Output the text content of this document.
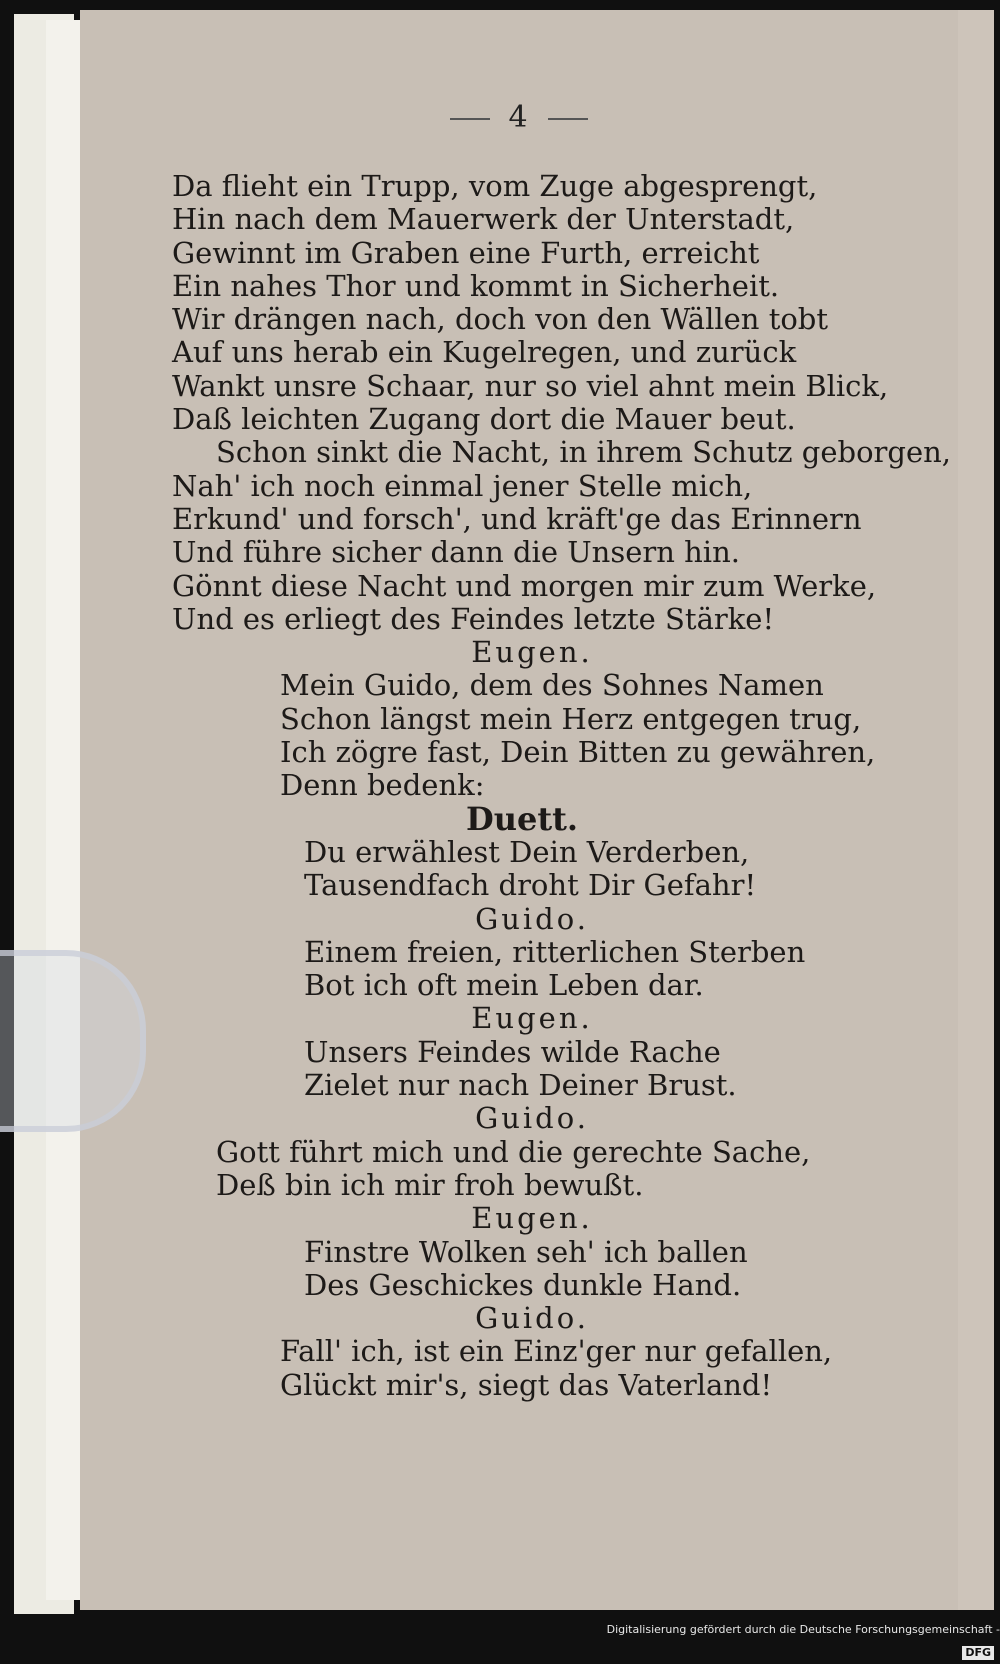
4
Da flieht ein Trupp, vom Zuge abgesprengt,
Hin nach dem Mauerwerk der Unterstadt,
Gewinnt im Graben eine Furth, erreicht
Ein nahes Thor und kommt in Sicherheit.
Wir drängen nach, doch von den Wällen tobt
Auf uns herab ein Kugelregen, und zurück
Wankt unsre Schaar, nur so viel ahnt mein Blick,
Daß leichten Zugang dort die Mauer beut.
Schon sinkt die Nacht, in ihrem Schutz geborgen,
Nah' ich noch einmal jener Stelle mich,
Erkund' und forsch', und kräft'ge das Erinnern
Und führe sicher dann die Unsern hin.
Gönnt diese Nacht und morgen mir zum Werke,
Und es erliegt des Feindes letzte Stärke!
Eugen.
Mein Guido, dem des Sohnes Namen
Schon längst mein Herz entgegen trug,
Ich zögre fast, Dein Bitten zu gewähren,
Denn bedenk:
Duett.
Du erwählest Dein Verderben,
Tausendfach droht Dir Gefahr!
Guido.
Einem freien, ritterlichen Sterben
Bot ich oft mein Leben dar.
Eugen.
Unsers Feindes wilde Rache
Zielet nur nach Deiner Brust.
Guido.
Gott führt mich und die gerechte Sache,
Deß bin ich mir froh bewußt.
Eugen.
Finstre Wolken seh' ich ballen
Des Geschickes dunkle Hand.
Guido.
Fall' ich, ist ein Einz'ger nur gefallen,
Glückt mir's, siegt das Vaterland!
Digitalisierung gefördert durch die Deutsche Forschungsgemeinschaft -DFG
